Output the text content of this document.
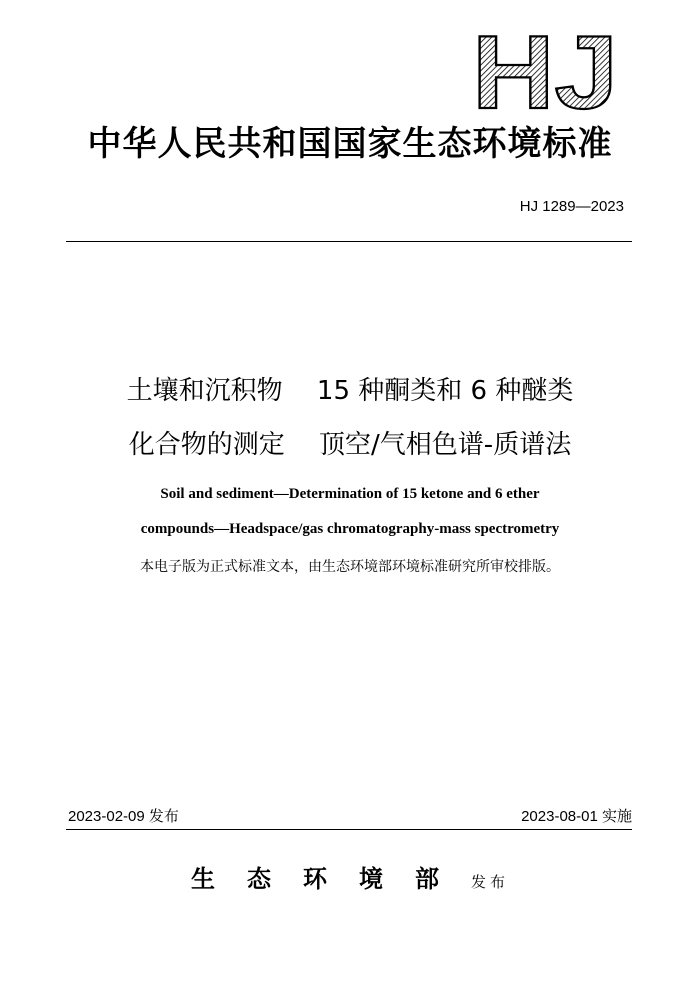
HJ
中华人民共和国国家生态环境标准
HJ 1289—2023
土壤和沉积物　 15 种酮类和 6 种醚类
化合物的测定　 顶空/气相色谱-质谱法
Soil and sediment—Determination of 15 ketone and 6 ether
compounds—Headspace/gas chromatography-mass spectrometry
本电子版为正式标准文本，由生态环境部环境标准研究所审校排版。
2023-02-09 发布	2023-08-01 实施
生态环境部发布
